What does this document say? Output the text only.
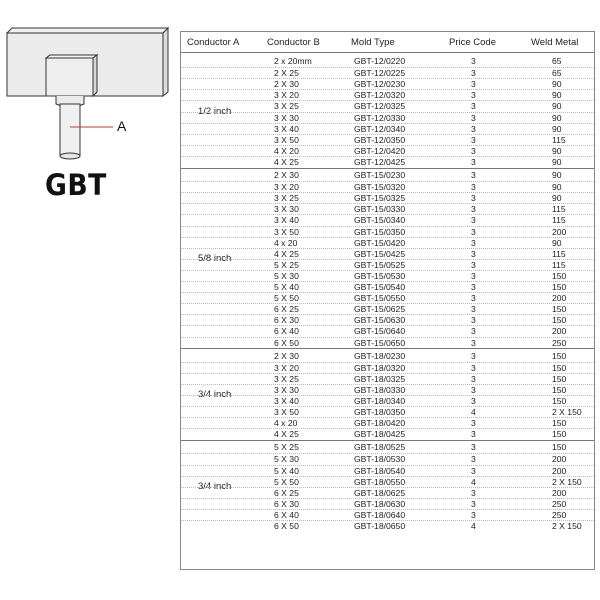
A
GBT
Conductor A	Conductor B	Mold Type	Price Code	Weld Metal
1/2 inch
2 x 20mm	GBT-12/0220	3	65
2 X 25	GBT-12/0225	3	65
2 X 30	GBT-12/0230	3	90
3 X 20	GBT-12/0320	3	90
3 X 25	GBT-12/0325	3	90
3 X 30	GBT-12/0330	3	90
3 X 40	GBT-12/0340	3	90
3 X 50	GBT-12/0350	3	115
4 X 20	GBT-12/0420	3	90
4 X 25	GBT-12/0425	3	90
5/8 inch
2 X 30	GBT-15/0230	3	90
3 X 20	GBT-15/0320	3	90
3 X 25	GBT-15/0325	3	90
3 X 30	GBT-15/0330	3	115
3 X 40	GBT-15/0340	3	115
3 X 50	GBT-15/0350	3	200
4 x 20	GBT-15/0420	3	90
4 X 25	GBT-15/0425	3	115
5 X 25	GBT-15/0525	3	115
5 X 30	GBT-15/0530	3	150
5 X 40	GBT-15/0540	3	150
5 X 50	GBT-15/0550	3	200
6 X 25	GBT-15/0625	3	150
6 X 30	GBT-15/0630	3	150
6 X 40	GBT-15/0640	3	200
6 X 50	GBT-15/0650	3	250
3/4 inch
2 X 30	GBT-18/0230	3	150
3 X 20	GBT-18/0320	3	150
3 X 25	GBT-18/0325	3	150
3 X 30	GBT-18/0330	3	150
3 X 40	GBT-18/0340	3	150
3 X 50	GBT-18/0350	4	2 X 150
4 x 20	GBT-18/0420	3	150
4 X 25	GBT-18/0425	3	150
3/4 inch
5 X 25	GBT-18/0525	3	150
5 X 30	GBT-18/0530	3	200
5 X 40	GBT-18/0540	3	200
5 X 50	GBT-18/0550	4	2 X 150
6 X 25	GBT-18/0625	3	200
6 X 30	GBT-18/0630	3	250
6 X 40	GBT-18/0640	3	250
6 X 50	GBT-18/0650	4	2 X 150
